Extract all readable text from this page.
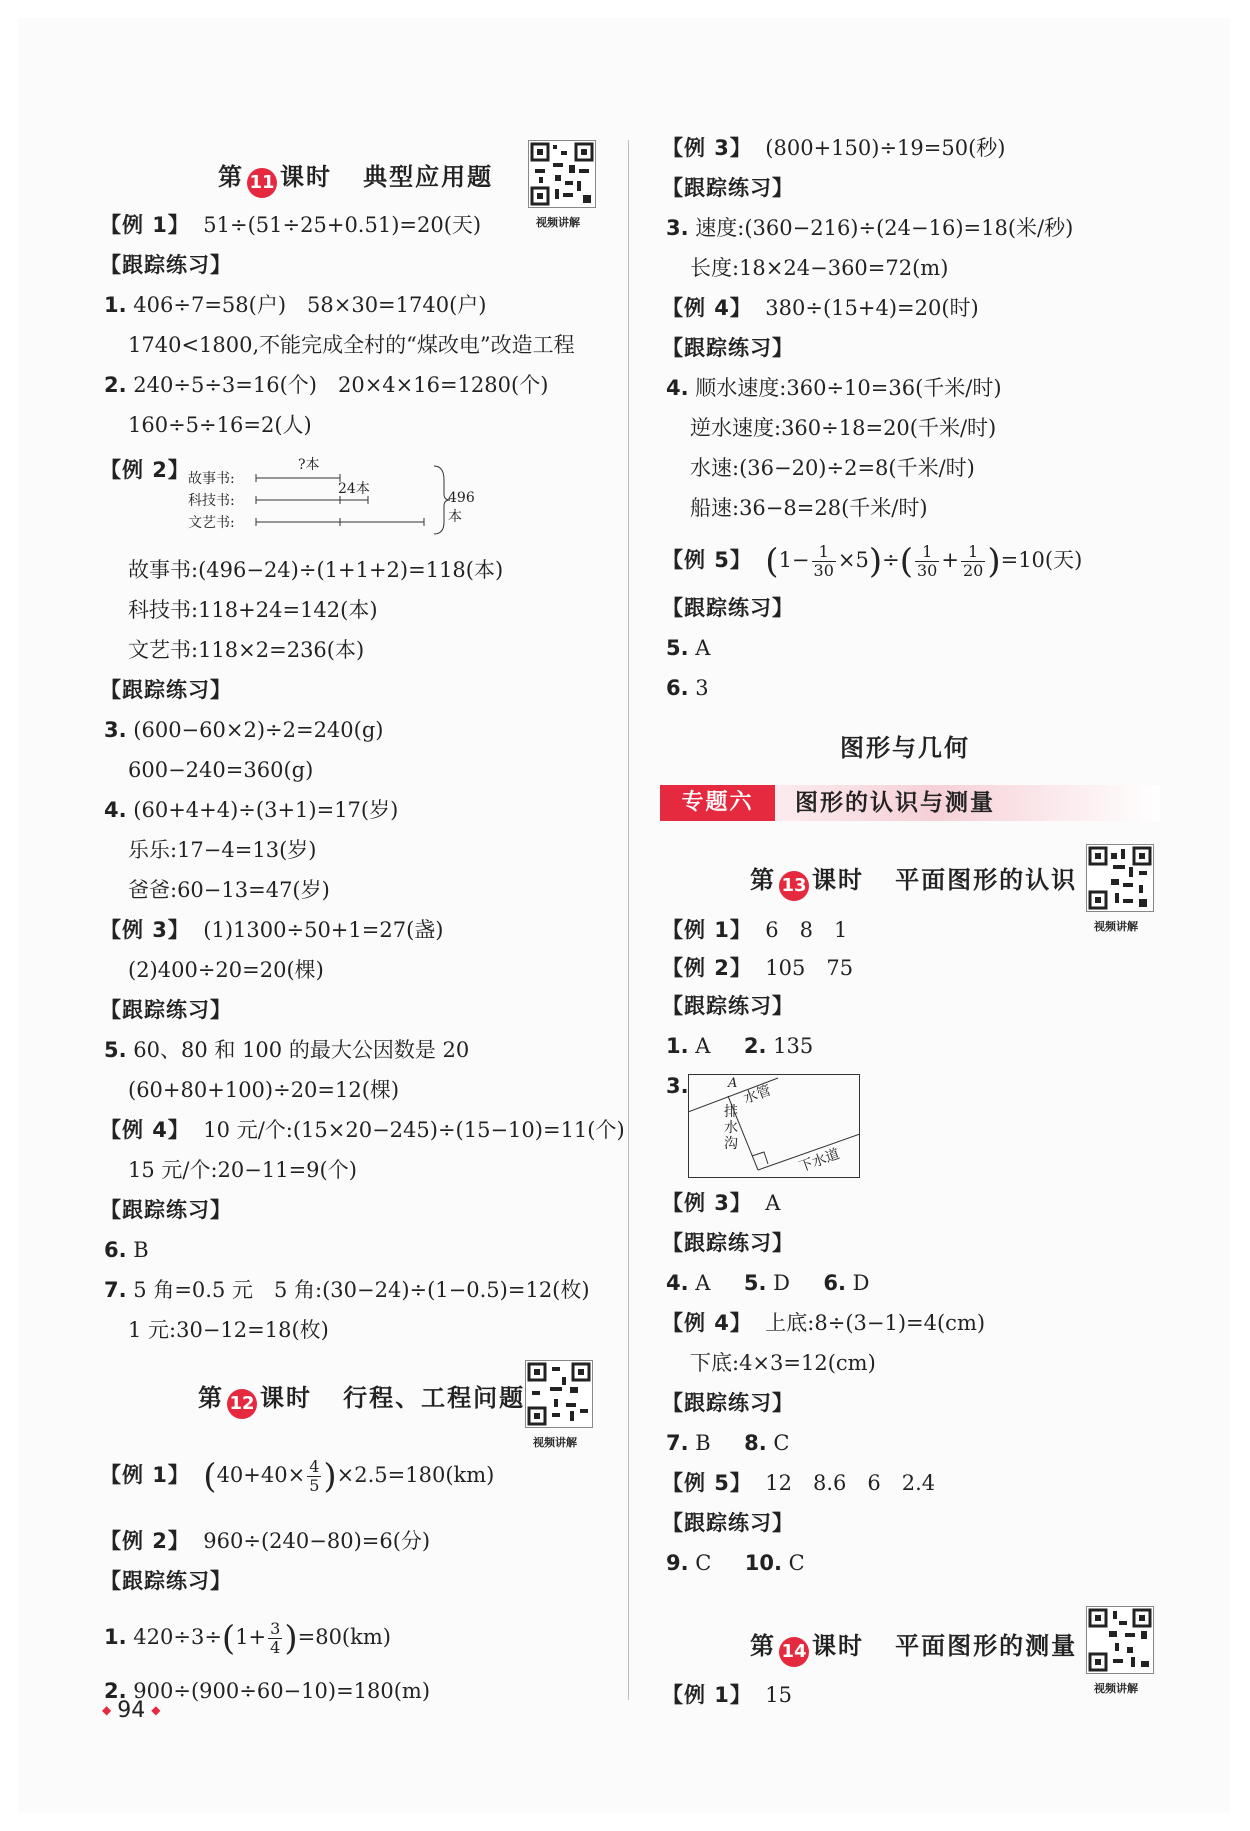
第 11 课时 典型应用题
视频讲解
【例 1】 51÷(51÷25+0.51)=20(天)
【跟踪练习】
1. 406÷7=58(户)　58×30=1740(户)
1740<1800,不能完成全村的“煤改电”改造工程
2. 240÷5÷3=16(个)　20×4×16=1280(个)
160÷5÷16=2(人)
【例 2】
故事书:
科技书:
文艺书:
?本
24本
496本
故事书:(496−24)÷(1+1+2)=118(本)
科技书:118+24=142(本)
文艺书:118×2=236(本)
【跟踪练习】
3. (600−60×2)÷2=240(g)
600−240=360(g)
4. (60+4+4)÷(3+1)=17(岁)
乐乐:17−4=13(岁)
爸爸:60−13=47(岁)
【例 3】 (1)1300÷50+1=27(盏)
(2)400÷20=20(棵)
【跟踪练习】
5. 60、80 和 100 的最大公因数是 20
(60+80+100)÷20=12(棵)
【例 4】 10 元/个:(15×20−245)÷(15−10)=11(个)
15 元/个:20−11=9(个)
【跟踪练习】
6. B
7. 5 角=0.5 元　5 角:(30−24)÷(1−0.5)=12(枚)
1 元:30−12=18(枚)
第 12 课时 行程、工程问题
视频讲解
【例 1】 $(40+40\times \frac{4}{5} )\times 2.5=180(km)$
【例 2】 960÷(240−80)=6(分)
【跟踪练习】
1. $420\div 3\div(1+ \frac{3}{4} )=80(km)$
2. 900÷(900÷60−10)=180(m)
◆ 94 ◆
【例 3】 (800+150)÷19=50(秒)
【跟踪练习】
3. 速度:(360−216)÷(24−16)=18(米/秒)
长度:18×24−360=72(m)
【例 4】 380÷(15+4)=20(时)
【跟踪练习】
4. 顺水速度:360÷10=36(千米/时)
逆水速度:360÷18=20(千米/时)
水速:(36−20)÷2=8(千米/时)
船速:36−8=28(千米/时)
【例 5】 $(1- \frac{1}{30} \times 5)\div( \frac{1}{30} + \frac{1}{20} )=10$(天)
【跟踪练习】
5. A
6. 3
图形与几何
专题六	图形的认识与测量
第 13 课时 平面图形的认识
视频讲解
【例 1】 6　8　1
【例 2】 105　75
【跟踪练习】
1. A 2. 135
3.	A 水管
排水沟
下水道
【例 3】 A
【跟踪练习】
4. A 5. D 6. D
【例 4】 上底:8÷(3−1)=4(cm)
下底:4×3=12(cm)
【跟踪练习】
7. B 8. C
【例 5】 12　8.6　6　2.4
【跟踪练习】
9. C 10. C
第 14 课时 平面图形的测量
视频讲解
【例 1】 15
